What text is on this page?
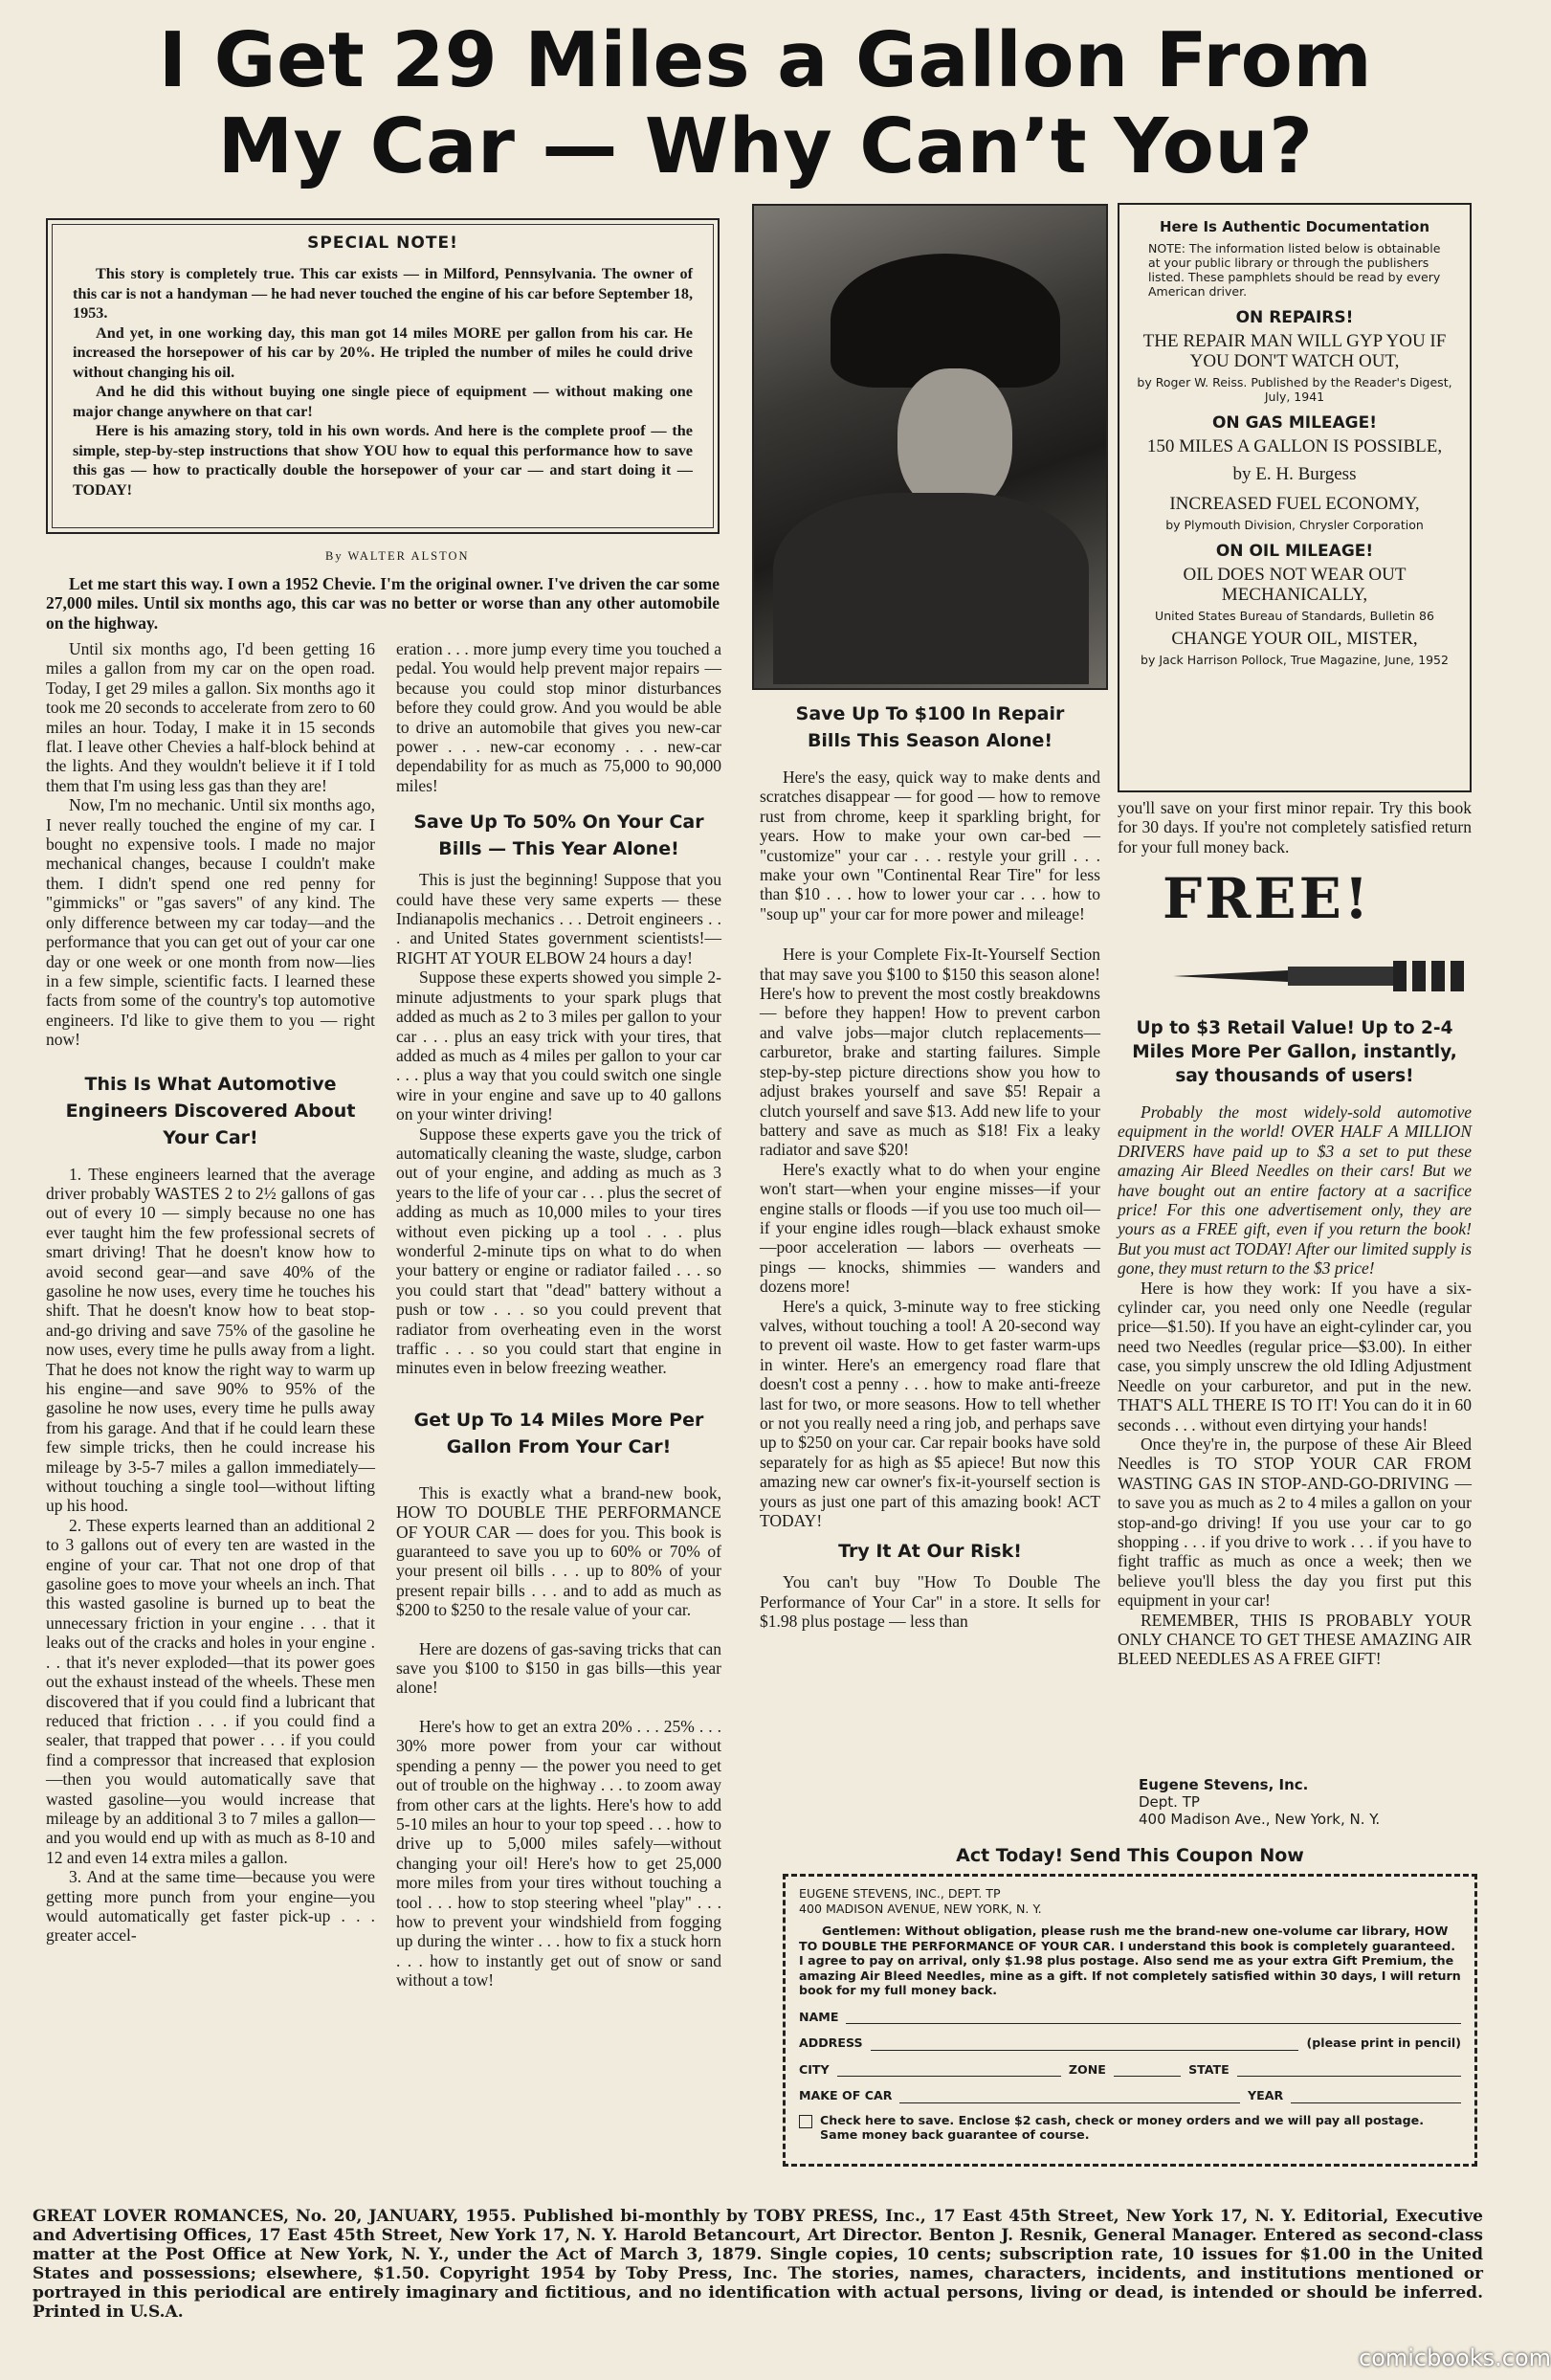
I Get 29 Miles a Gallon From
My Car — Why Can’t You?
SPECIAL NOTE!

This story is completely true. This car exists — in Milford, Pennsylvania. The owner of this car is not a handyman — he had never touched the engine of his car before September 18, 1953.

And yet, in one working day, this man got 14 miles MORE per gallon from his car. He increased the horsepower of his car by 20%. He tripled the number of miles he could drive without changing his oil.

And he did this without buying one single piece of equipment — without making one major change anywhere on that car!

Here is his amazing story, told in his own words. And here is the complete proof — the simple, step-by-step instructions that show YOU how to equal this performance how to save this gas — how to practically double the horsepower of your car — and start doing it — TODAY!

By WALTER ALSTON
Let me start this way. I own a 1952 Chevie. I'm the original owner. I've driven the car some 27,000 miles. Until six months ago, this car was no better or worse than any other automobile on the highway.

Until six months ago, I'd been getting 16 miles a gallon from my car on the open road. Today, I get 29 miles a gallon. Six months ago it took me 20 seconds to accelerate from zero to 60 miles an hour. Today, I make it in 15 seconds flat. I leave other Chevies a half-block behind at the lights. And they wouldn't believe it if I told them that I'm using less gas than they are!

Now, I'm no mechanic. Until six months ago, I never really touched the engine of my car. I bought no expensive tools. I made no major mechanical changes, because I couldn't make them. I didn't spend one red penny for "gimmicks" or "gas savers" of any kind. The only difference between my car today—and the performance that you can get out of your car one day or one week or one month from now—lies in a few simple, scientific facts. I learned these facts from some of the country's top automotive engineers. I'd like to give them to you — right now!

This Is What Automotive Engineers Discovered About Your Car!

1. These engineers learned that the average driver probably WASTES 2 to 2½ gallons of gas out of every 10 — simply because no one has ever taught him the few professional secrets of smart driving! That he doesn't know how to avoid second gear—and save 40% of the gasoline he now uses, every time he touches his shift. That he doesn't know how to beat stop-and-go driving and save 75% of the gasoline he now uses, every time he pulls away from a light. That he does not know the right way to warm up his engine—and save 90% to 95% of the gasoline he now uses, every time he pulls away from his garage. And that if he could learn these few simple tricks, then he could increase his mileage by 3-5-7 miles a gallon immediately—without touching a single tool—without lifting up his hood.

2. These experts learned than an additional 2 to 3 gallons out of every ten are wasted in the engine of your car. That not one drop of that gasoline goes to move your wheels an inch. That this wasted gasoline is burned up to beat the unnecessary friction in your engine . . . that it leaks out of the cracks and holes in your engine . . . that it's never exploded—that its power goes out the exhaust instead of the wheels. These men discovered that if you could find a lubricant that reduced that friction . . . if you could find a sealer, that trapped that power . . . if you could find a compressor that increased that explosion—then you would automatically save that wasted gasoline—you would increase that mileage by an additional 3 to 7 miles a gallon—and you would end up with as much as 8-10 and 12 and even 14 extra miles a gallon.

3. And at the same time—because you were getting more punch from your engine—you would automatically get faster pick-up . . . greater accel-

eration . . . more jump every time you touched a pedal. You would help prevent major repairs — because you could stop minor disturbances before they could grow. And you would be able to drive an automobile that gives you new-car power . . . new-car economy . . . new-car dependability for as much as 75,000 to 90,000 miles!

Save Up To 50% On Your Car Bills — This Year Alone!

This is just the beginning! Suppose that you could have these very same experts — these Indianapolis mechanics . . . Detroit engineers . . . and United States government scientists!—RIGHT AT YOUR ELBOW 24 hours a day!

Suppose these experts showed you simple 2-minute adjustments to your spark plugs that added as much as 2 to 3 miles per gallon to your car . . . plus an easy trick with your tires, that added as much as 4 miles per gallon to your car . . . plus a way that you could switch one single wire in your engine and save up to 40 gallons on your winter driving!

Suppose these experts gave you the trick of automatically cleaning the waste, sludge, carbon out of your engine, and adding as much as 3 years to the life of your car . . . plus the secret of adding as much as 10,000 miles to your tires without even picking up a tool . . . plus wonderful 2-minute tips on what to do when your battery or engine or radiator failed . . . so you could start that "dead" battery without a push or tow . . . so you could prevent that radiator from overheating even in the worst traffic . . . so you could start that engine in minutes even in below freezing weather.

Get Up To 14 Miles More Per Gallon From Your Car!

This is exactly what a brand-new book, HOW TO DOUBLE THE PERFORMANCE OF YOUR CAR — does for you. This book is guaranteed to save you up to 60% or 70% of your present oil bills . . . up to 80% of your present repair bills . . . and to add as much as $200 to $250 to the resale value of your car.

Here are dozens of gas-saving tricks that can save you $100 to $150 in gas bills—this year alone!

Here's how to get an extra 20% . . . 25% . . . 30% more power from your car without spending a penny — the power you need to get out of trouble on the highway . . . to zoom away from other cars at the lights. Here's how to add 5-10 miles an hour to your top speed . . . how to drive up to 5,000 miles safely—without changing your oil! Here's how to get 25,000 more miles from your tires without touching a tool . . . how to stop steering wheel "play" . . . how to prevent your windshield from fogging up during the winter . . . how to fix a stuck horn . . . how to instantly get out of snow or sand without a tow!

Save Up To $100 In Repair Bills This Season Alone!

Here's the easy, quick way to make dents and scratches disappear — for good — how to remove rust from chrome, keep it sparkling bright, for years. How to make your own car-bed — "customize" your car . . . restyle your grill . . . make your own "Continental Rear Tire" for less than $10 . . . how to lower your car . . . how to "soup up" your car for more power and mileage!

Here is your Complete Fix-It-Yourself Section that may save you $100 to $150 this season alone! Here's how to prevent the most costly breakdowns — before they happen! How to prevent carbon and valve jobs—major clutch replacements—carburetor, brake and starting failures. Simple step-by-step picture directions show you how to adjust brakes yourself and save $5! Repair a clutch yourself and save $13. Add new life to your battery and save as much as $18! Fix a leaky radiator and save $20!

Here's exactly what to do when your engine won't start—when your engine misses—if your engine stalls or floods —if you use too much oil—if your engine idles rough—black exhaust smoke —poor acceleration — labors — overheats — pings — knocks, shimmies — wanders and dozens more!

Here's a quick, 3-minute way to free sticking valves, without touching a tool! A 20-second way to prevent oil waste. How to get faster warm-ups in winter. Here's an emergency road flare that doesn't cost a penny . . . how to make anti-freeze last for two, or more seasons. How to tell whether or not you really need a ring job, and perhaps save up to $250 on your car. Car repair books have sold separately for as high as $5 apiece! But now this amazing new car owner's fix-it-yourself section is yours as just one part of this amazing book! ACT TODAY!

Try It At Our Risk!

You can't buy "How To Double The Performance of Your Car" in a store. It sells for $1.98 plus postage — less than

Here Is Authentic Documentation
NOTE: The information listed below is obtainable at your public library or through the publishers listed. These pamphlets should be read by every American driver.
ON REPAIRS!
THE REPAIR MAN WILL GYP YOU IF YOU DON'T WATCH OUT,
by Roger W. Reiss. Published by the Reader's Digest, July, 1941
ON GAS MILEAGE!
150 MILES A GALLON IS POSSIBLE,
by E. H. Burgess
INCREASED FUEL ECONOMY,
by Plymouth Division, Chrysler Corporation
ON OIL MILEAGE!
OIL DOES NOT WEAR OUT MECHANICALLY,
United States Bureau of Standards, Bulletin 86
CHANGE YOUR OIL, MISTER,
by Jack Harrison Pollock, True Magazine, June, 1952

you'll save on your first minor repair. Try this book for 30 days. If you're not completely satisfied return for your full money back.

FREE!
Up to $3 Retail Value! Up to 2-4 Miles More Per Gallon, instantly, say thousands of users!

Probably the most widely-sold automotive equipment in the world! OVER HALF A MILLION DRIVERS have paid up to $3 a set to put these amazing Air Bleed Needles on their cars! But we have bought out an entire factory at a sacrifice price! For this one advertisement only, they are yours as a FREE gift, even if you return the book! But you must act TODAY! After our limited supply is gone, they must return to the $3 price!

Here is how they work: If you have a six-cylinder car, you need only one Needle (regular price—$1.50). If you have an eight-cylinder car, you need two Needles (regular price—$3.00). In either case, you simply unscrew the old Idling Adjustment Needle on your carburetor, and put in the new. THAT'S ALL THERE IS TO IT! You can do it in 60 seconds . . . without even dirtying your hands!

Once they're in, the purpose of these Air Bleed Needles is TO STOP YOUR CAR FROM WASTING GAS IN STOP-AND-GO-DRIVING — to save you as much as 2 to 4 miles a gallon on your stop-and-go driving! If you use your car to go shopping . . . if you drive to work . . . if you have to fight traffic as much as once a week; then we believe you'll bless the day you first put this equipment in your car!

REMEMBER, THIS IS PROBABLY YOUR ONLY CHANCE TO GET THESE AMAZING AIR BLEED NEEDLES AS A FREE GIFT!

Eugene Stevens, Inc.
Dept. TP
400 Madison Ave., New York, N. Y.
Act Today! Send This Coupon Now
EUGENE STEVENS, INC., DEPT. TP
400 MADISON AVENUE, NEW YORK, N. Y.
Gentlemen: Without obligation, please rush me the brand-new one-volume car library, HOW TO DOUBLE THE PERFORMANCE OF YOUR CAR. I understand this book is completely guaranteed. I agree to pay on arrival, only $1.98 plus postage. Also send me as your extra Gift Premium, the amazing Air Bleed Needles, mine as a gift. If not completely satisfied within 30 days, I will return book for my full money back.
NAME
ADDRESS	(please print in pencil)
CITY	ZONE	STATE
MAKE OF CAR	YEAR
Check here to save. Enclose $2 cash, check or money orders and we will pay all postage. Same money back guarantee of course.
GREAT LOVER ROMANCES, No. 20, JANUARY, 1955. Published bi-monthly by TOBY PRESS, Inc., 17 East 45th Street, New York 17, N. Y. Editorial, Executive and Advertising Offices, 17 East 45th Street, New York 17, N. Y. Harold Betancourt, Art Director. Benton J. Resnik, General Manager. Entered as second-class matter at the Post Office at New York, N. Y., under the Act of March 3, 1879. Single copies, 10 cents; subscription rate, 10 issues for $1.00 in the United States and possessions; elsewhere, $1.50. Copyright 1954 by Toby Press, Inc. The stories, names, characters, incidents, and institutions mentioned or portrayed in this periodical are entirely imaginary and fictitious, and no identification with actual persons, living or dead, is intended or should be inferred. Printed in U.S.A.
comicbooks.com
